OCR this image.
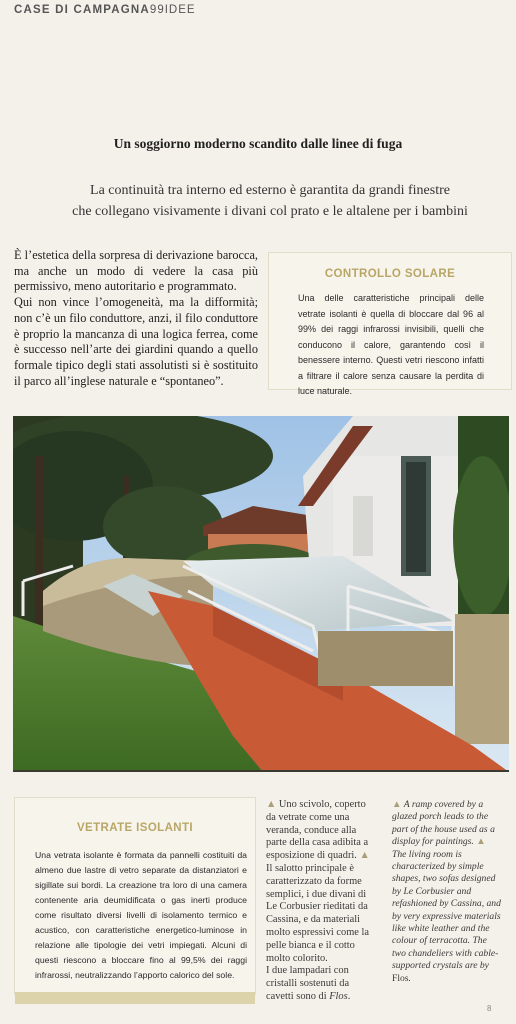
CASE DI CAMPAGNA99IDEE
Un soggiorno moderno scandito dalle linee di fuga
La continuità tra interno ed esterno è garantita da grandi finestre
che collegano visivamente i divani col prato e le altalene per i bambini

È l’estetica della sorpresa di derivazione barocca, ma anche un modo di vedere la casa più permissivo, meno autoritario e programmato.

Qui non vince l’omogeneità, ma la difformità; non c’è un filo conduttore, anzi, il filo conduttore è proprio la mancanza di una logica ferrea, come è successo nell’arte dei giardini quando a quello formale tipico degli stati assolutisti si è sostituito il parco all’inglese naturale e “spontaneo”.

CONTROLLO SOLARE
Una delle caratteristiche principali delle vetrate isolanti è quella di bloccare dal 96 al 99% dei raggi infrarossi invisibili, quelli che conducono il calore, garantendo così il benessere interno. Questi vetri riescono infatti a filtrare il calore senza causare la perdita di luce naturale.
VETRATE ISOLANTI
Una vetrata isolante è formata da pannelli costituiti da almeno due lastre di vetro separate da distanziatori e sigillate sui bordi. La creazione tra loro di una camera contenente aria deumidificata o gas inerti produce come risultato diversi livelli di isolamento termico e acustico, con caratteristiche energetico-luminose in relazione alle tipologie dei vetri impiegati. Alcuni di questi riescono a bloccare fino al 99,5% dei raggi infrarossi, neutralizzando l’apporto calorico del sole.
▲ Uno scivolo, coperto da vetrate come una veranda, conduce alla parte della casa adibita a esposizione di quadri. ▲ Il salotto principale è caratterizzato da forme semplici, i due divani di Le Corbusier rieditati da Cassina, e da materiali molto espressivi come la pelle bianca e il cotto molto colorito.
I due lampadari con cristalli sostenuti da cavetti sono di Flos.
▲ A ramp covered by a glazed porch leads to the part of the house used as a display for paintings. ▲ The living room is characterized by simple shapes, two sofas designed by Le Corbusier and refashioned by Cassina, and by very expressive materials like white leather and the colour of terracotta. The two chandeliers with cable-supported crystals are by Flos.
8
